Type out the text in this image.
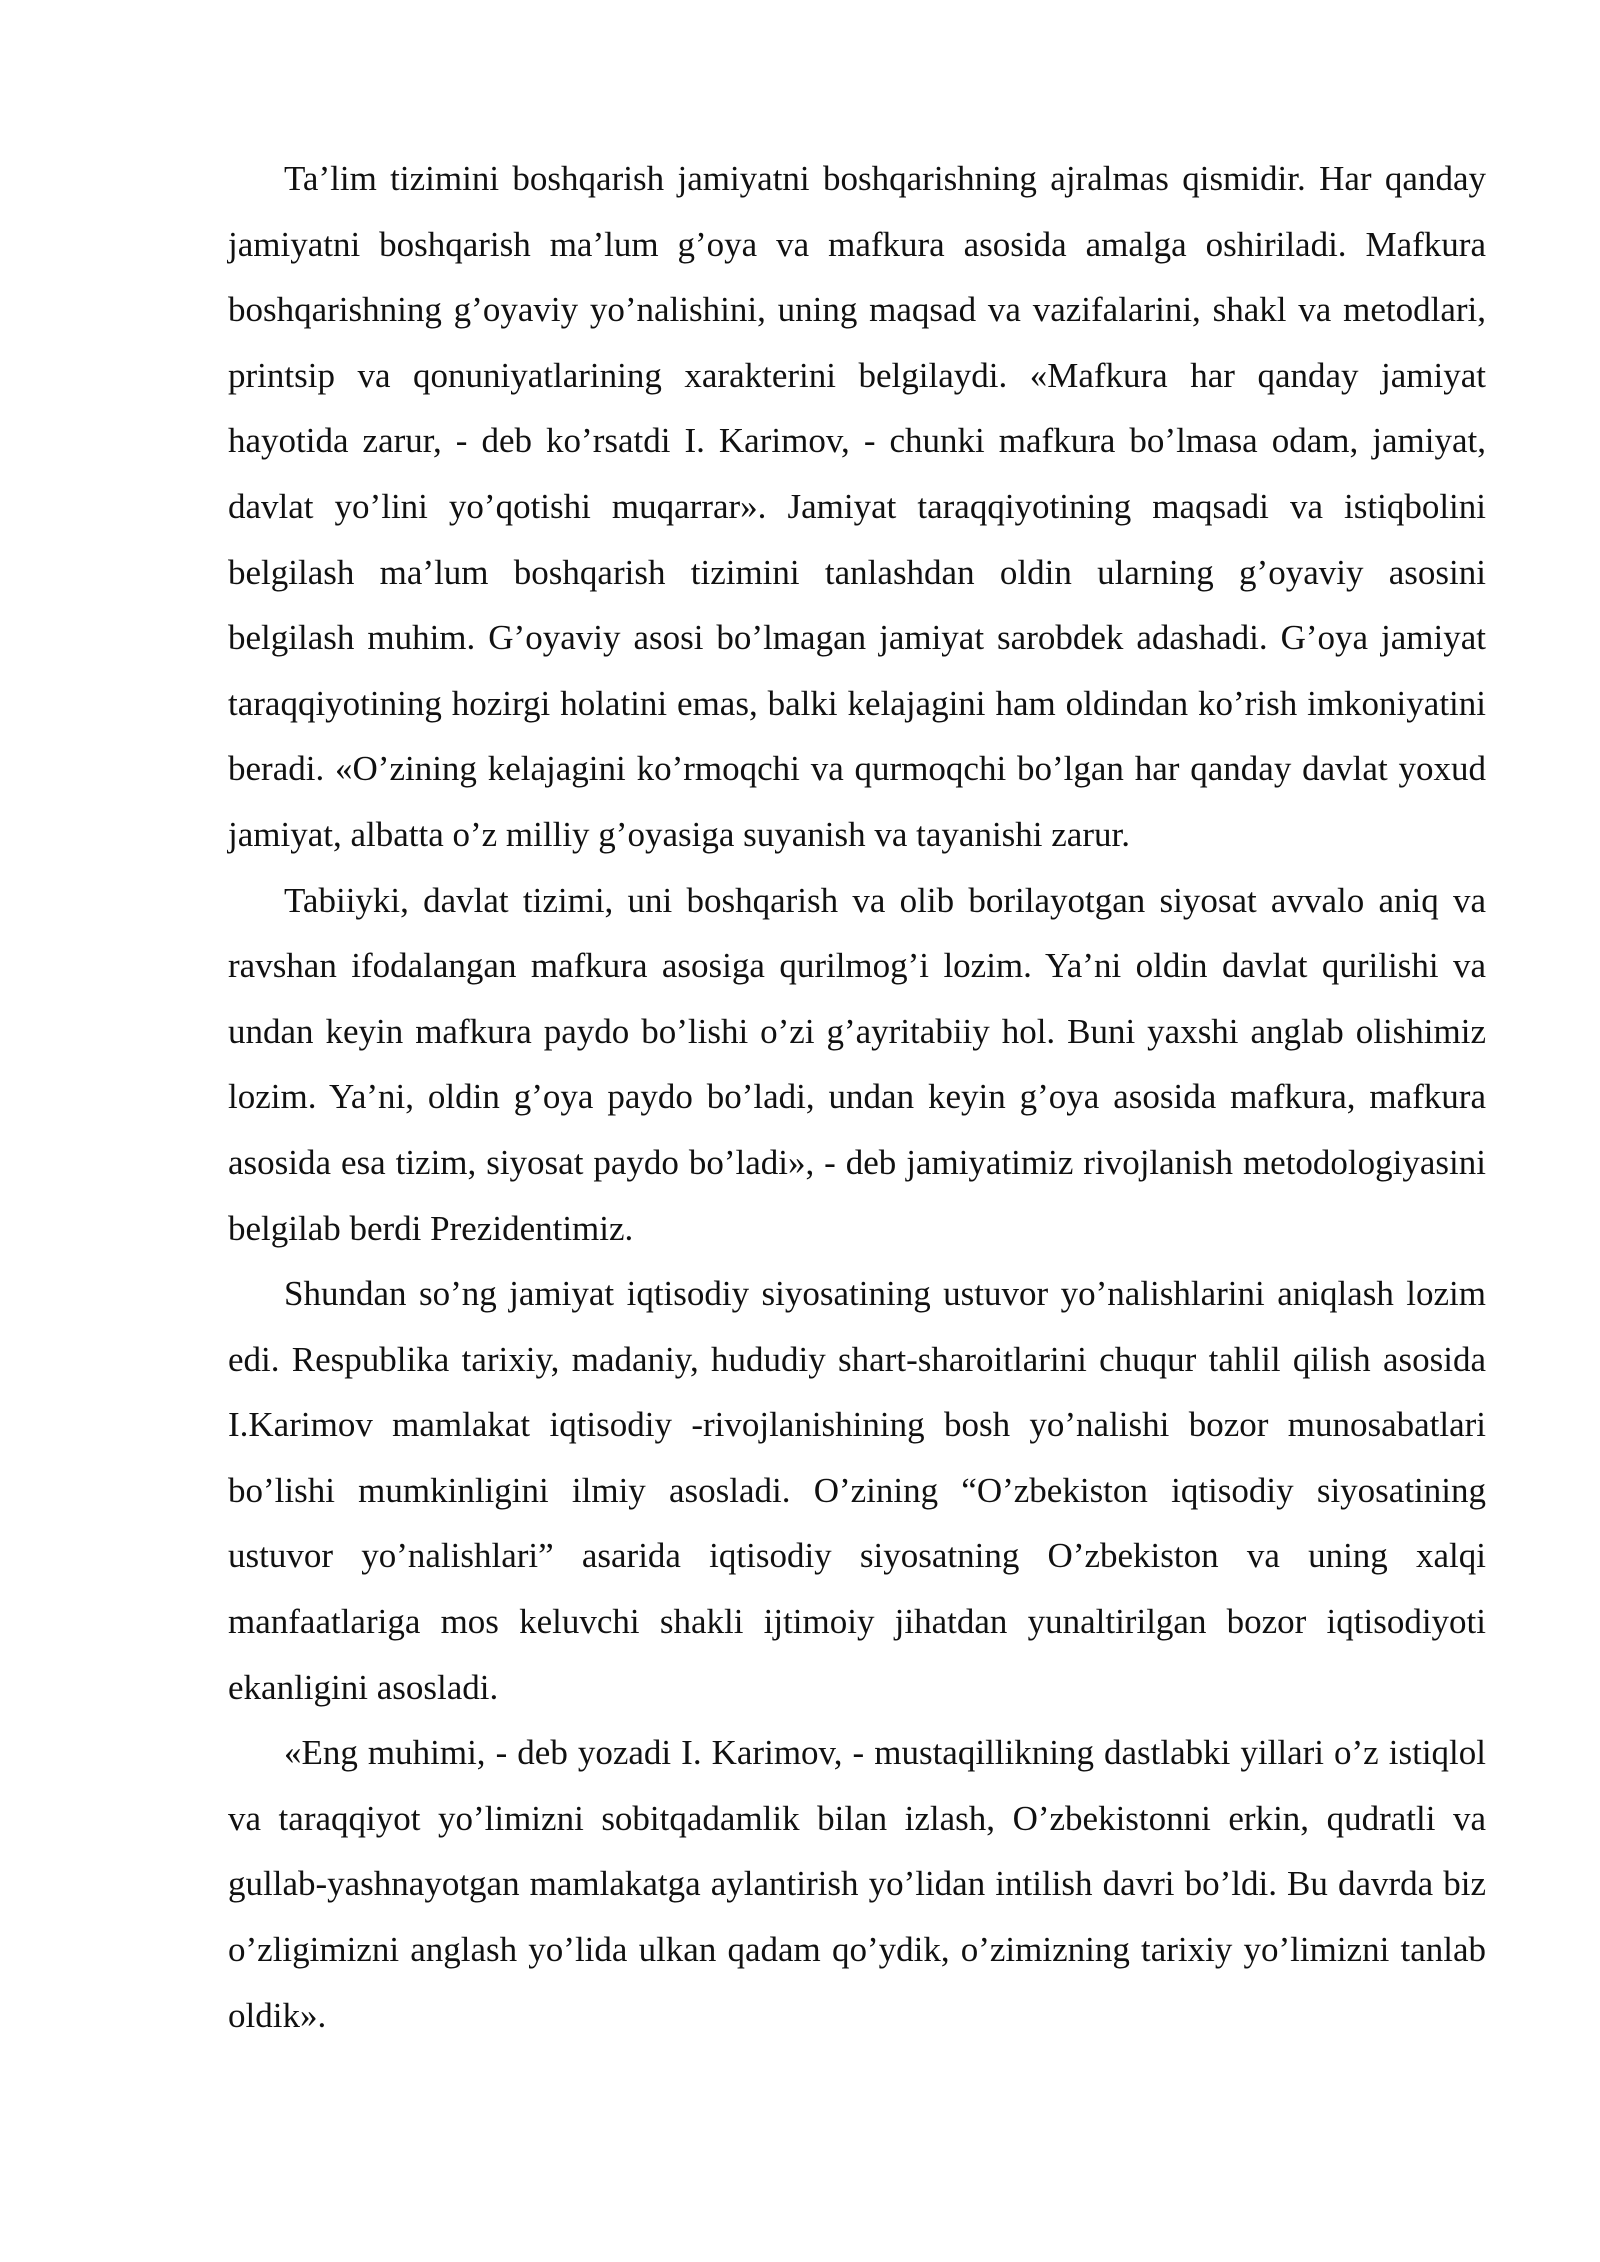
Ta’lim tizimini boshqarish jamiyatni boshqarishning ajralmas qismidir. Har qanday jamiyatni boshqarish ma’lum g’oya va mafkura asosida amalga oshiriladi. Mafkura boshqarishning g’oyaviy yo’nalishini, uning maqsad va vazifalarini, shakl va metodlari, printsip va qonuniyatlarining xarakterini belgilaydi. «Mafkura har qanday jamiyat hayotida zarur, - deb ko’rsatdi I. Karimov, - chunki mafkura bo’lmasa odam, jamiyat, davlat yo’lini yo’qotishi muqarrar». Jamiyat taraqqiyotining maqsadi va istiqbolini belgilash ma’lum boshqarish tizimini tanlashdan oldin ularning g’oyaviy asosini belgilash muhim. G’oyaviy asosi bo’lmagan jamiyat sarobdek adashadi. G’oya jamiyat taraqqiyotining hozirgi holatini emas, balki kelajagini ham oldindan ko’rish imkoniyatini beradi. «O’zining kelajagini ko’rmoqchi va qurmoqchi bo’lgan har qanday davlat yoxud jamiyat, albatta o’z milliy g’oyasiga suyanish va tayanishi zarur.

Tabiiyki, davlat tizimi, uni boshqarish va olib borilayotgan siyosat avvalo aniq va ravshan ifodalangan mafkura asosiga qurilmog’i lozim. Ya’ni oldin davlat qurilishi va undan keyin mafkura paydo bo’lishi o’zi g’ayritabiiy hol. Buni yaxshi anglab olishimiz lozim. Ya’ni, oldin g’oya paydo bo’ladi, undan keyin g’oya asosida mafkura, mafkura asosida esa tizim, siyosat paydo bo’ladi», - deb jamiyatimiz rivojlanish metodologiyasini belgilab berdi Prezidentimiz.

Shundan so’ng jamiyat iqtisodiy siyosatining ustuvor yo’nalishlarini aniqlash lozim edi. Respublika tarixiy, madaniy, hududiy shart-sharoitlarini chuqur tahlil qilish asosida I.Karimov mamlakat iqtisodiy -rivojlanishining bosh yo’nalishi bozor munosabatlari bo’lishi mumkinligini ilmiy asosladi. O’zining “O’zbekiston iqtisodiy siyosatining ustuvor yo’nalishlari” asarida iqtisodiy siyosatning O’zbekiston va uning xalqi manfaatlariga mos keluvchi shakli ijtimoiy jihatdan yunaltirilgan bozor iqtisodiyoti ekanligini asosladi.

«Eng muhimi, - deb yozadi I. Karimov, - mustaqillikning dastlabki yillari o’z istiqlol va taraqqiyot yo’limizni sobitqadamlik bilan izlash, O’zbekistonni erkin, qudratli va gullab-yashnayotgan mamlakatga aylantirish yo’lidan intilish davri bo’ldi. Bu davrda biz o’zligimizni anglash yo’lida ulkan qadam qo’ydik, o’zimizning tarixiy yo’limizni tanlab oldik».
